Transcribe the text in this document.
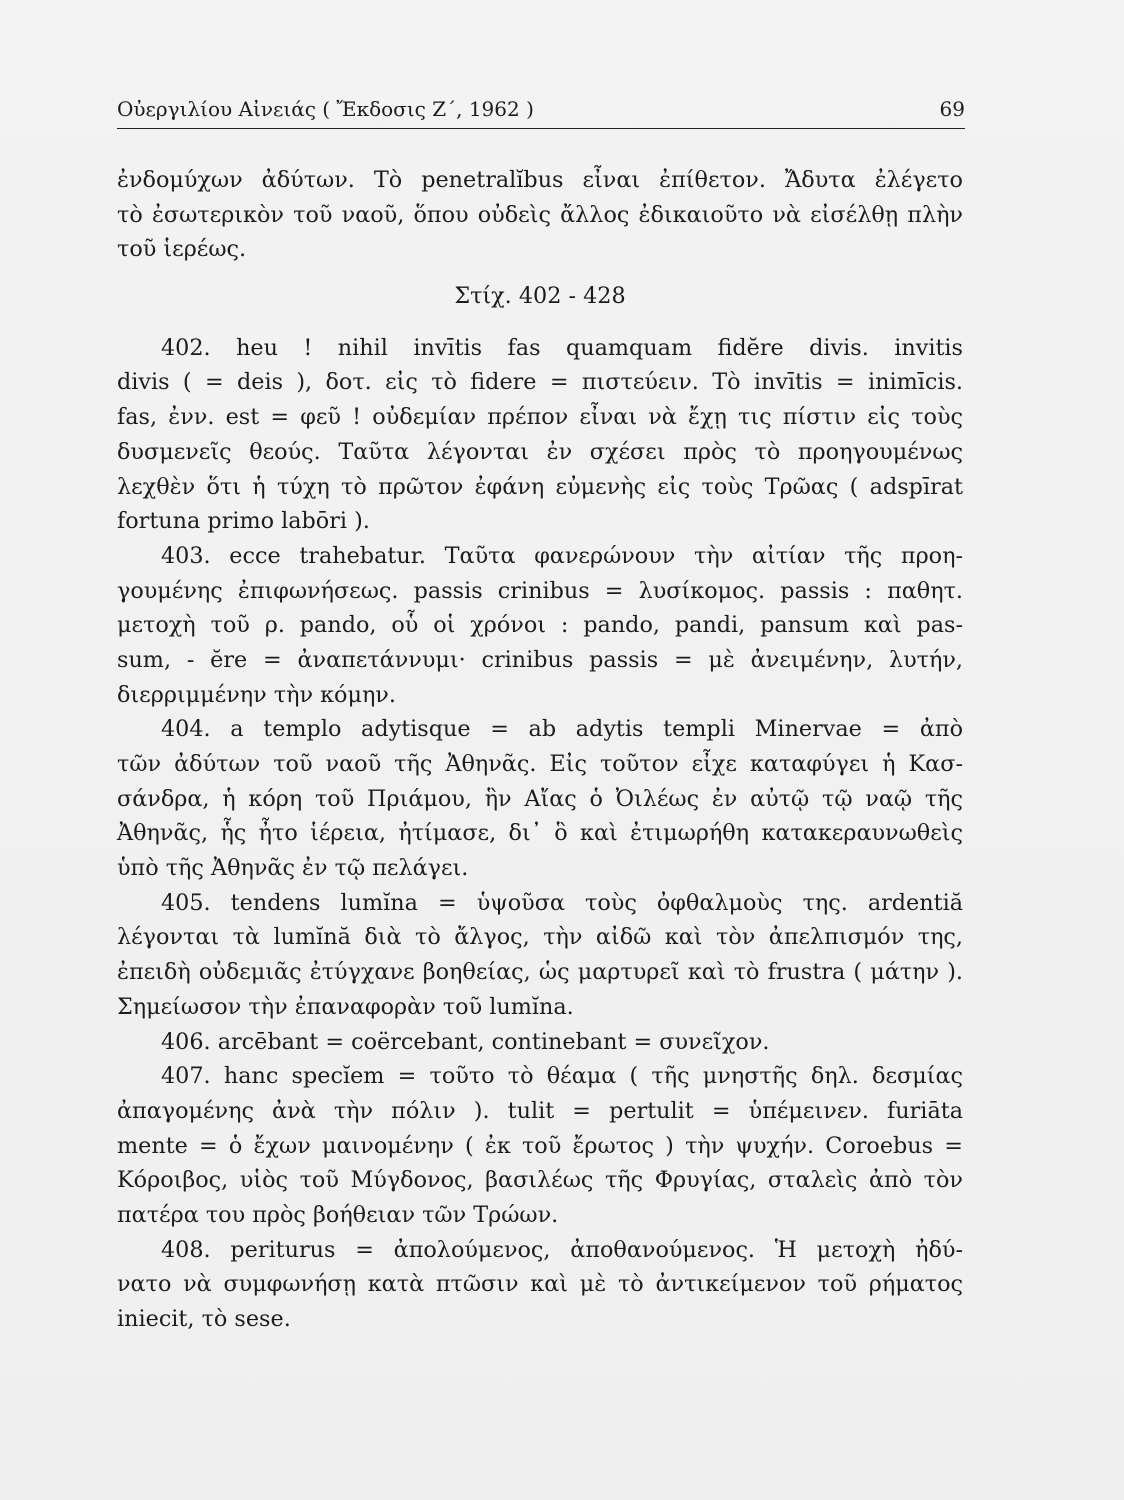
Οὐεργιλίου Αἰνειάς ( Ἔκδοσις Ζ΄, 1962 )	69
ἐνδομύχων ἀδύτων. Τὸ penetralĭbus εἶναι ἐπίθετον. Ἄδυτα ἐλέγετο
τὸ ἐσωτερικὸν τοῦ ναοῦ, ὅπου οὐδεὶς ἄλλος ἐδικαιοῦτο νὰ εἰσέλθῃ πλὴν
τοῦ ἱερέως.
Στίχ. 402 - 428
402. heu ! nihil invītis fas quamquam fidĕre divis. invitis
divis ( = deis ), δοτ. εἰς τὸ fidere = πιστεύειν. Τὸ invītis = inimīcis.
fas, ἐνν. est = φεῦ ! οὐδεμίαν πρέπον εἶναι νὰ ἔχῃ τις πίστιν εἰς τοὺς
δυσμενεῖς θεούς. Ταῦτα λέγονται ἐν σχέσει πρὸς τὸ προηγουμένως
λεχθὲν ὅτι ἡ τύχη τὸ πρῶτον ἐφάνη εὐμενὴς εἰς τοὺς Τρῶας ( adspīrat
fortuna primo labōri ).
403. ecce trahebatur. Ταῦτα φανερώνουν τὴν αἰτίαν τῆς προη-
γουμένης ἐπιφωνήσεως. passis crinibus = λυσίκομος. passis : παθητ.
μετοχὴ τοῦ ρ. pando, οὗ οἱ χρόνοι : pando, pandi, pansum καὶ pas-
sum, - ĕre = ἀναπετάννυμι· crinibus passis = μὲ ἀνειμένην, λυτήν,
διερριμμένην τὴν κόμην.
404. a templo adytisque = ab adytis templi Minervae = ἀπὸ
τῶν ἀδύτων τοῦ ναοῦ τῆς Ἀθηνᾶς. Εἰς τοῦτον εἶχε καταφύγει ἡ Κασ-
σάνδρα, ἡ κόρη τοῦ Πριάμου, ἣν Αἴας ὁ Ὀιλέως ἐν αὐτῷ τῷ ναῷ τῆς
Ἀθηνᾶς, ἧς ἦτο ἱέρεια, ἠτίμασε, δι᾽ ὃ καὶ ἐτιμωρήθη κατακεραυνωθεὶς
ὑπὸ τῆς Ἀθηνᾶς ἐν τῷ πελάγει.
405. tendens lumĭna = ὑψοῦσα τοὺς ὀφθαλμοὺς της. ardentiă
λέγονται τὰ lumĭnă διὰ τὸ ἄλγος, τὴν αἰδῶ καὶ τὸν ἀπελπισμόν της,
ἐπειδὴ οὐδεμιᾶς ἐτύγχανε βοηθείας, ὡς μαρτυρεῖ καὶ τὸ frustra ( μάτην ).
Σημείωσον τὴν ἐπαναφορὰν τοῦ lumĭna.
406. arcēbant = coërcebant, continebant = συνεῖχον.
407. hanc specĭem = τοῦτο τὸ θέαμα ( τῆς μνηστῆς δηλ. δεσμίας
ἀπαγομένης ἀνὰ τὴν πόλιν ). tulit = pertulit = ὑπέμεινεν. furiāta
mente = ὁ ἔχων μαινομένην ( ἐκ τοῦ ἔρωτος ) τὴν ψυχήν. Coroebus =
Κόροιβος, υἱὸς τοῦ Μύγδονος, βασιλέως τῆς Φρυγίας, σταλεὶς ἀπὸ τὸν
πατέρα του πρὸς βοήθειαν τῶν Τρώων.
408. periturus = ἀπολούμενος, ἀποθανούμενος. Ἡ μετοχὴ ἠδύ-
νατο νὰ συμφωνήσῃ κατὰ πτῶσιν καὶ μὲ τὸ ἀντικείμενον τοῦ ρήματος
iniecit, τὸ sese.
